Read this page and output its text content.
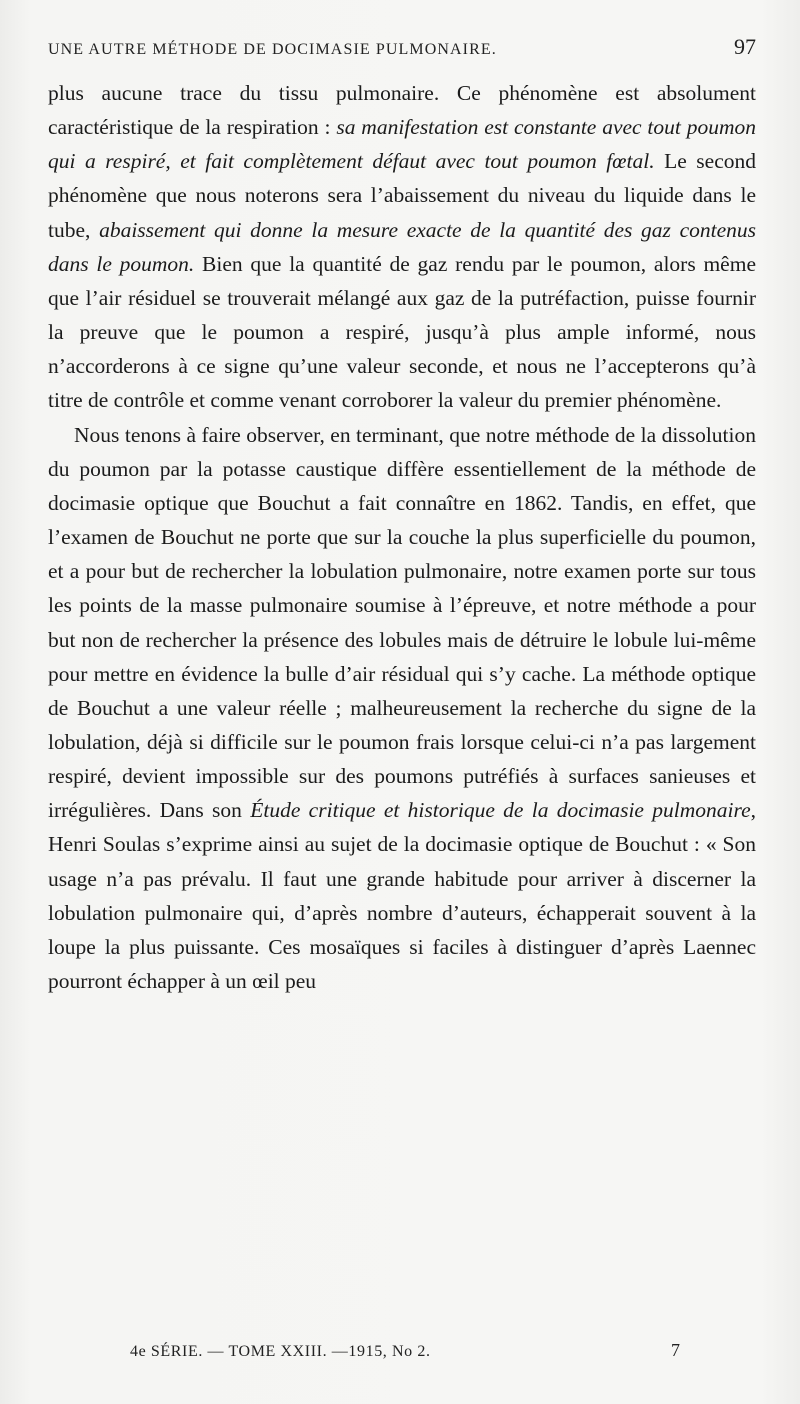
UNE AUTRE MÉTHODE DE DOCIMASIE PULMONAIRE.	97

plus aucune trace du tissu pulmonaire. Ce phénomène est absolument caractéristique de la respiration : sa manifestation est constante avec tout poumon qui a respiré, et fait complètement défaut avec tout poumon fœtal. Le second phénomène que nous noterons sera l’abaissement du niveau du liquide dans le tube, abaissement qui donne la mesure exacte de la quantité des gaz contenus dans le poumon. Bien que la quantité de gaz rendu par le poumon, alors même que l’air résiduel se trouverait mélangé aux gaz de la putréfaction, puisse fournir la preuve que le poumon a respiré, jusqu’à plus ample informé, nous n’accorderons à ce signe qu’une valeur seconde, et nous ne l’accepterons qu’à titre de contrôle et comme venant corroborer la valeur du premier phénomène.

Nous tenons à faire observer, en terminant, que notre méthode de la dissolution du poumon par la potasse caustique diffère essentiellement de la méthode de docimasie optique que Bouchut a fait connaître en 1862. Tandis, en effet, que l’examen de Bouchut ne porte que sur la couche la plus superficielle du poumon, et a pour but de rechercher la lobulation pulmonaire, notre examen porte sur tous les points de la masse pulmonaire soumise à l’épreuve, et notre méthode a pour but non de rechercher la présence des lobules mais de détruire le lobule lui-même pour mettre en évidence la bulle d’air résidual qui s’y cache. La méthode optique de Bouchut a une valeur réelle ; malheureusement la recherche du signe de la lobulation, déjà si difficile sur le poumon frais lorsque celui-ci n’a pas largement respiré, devient impossible sur des poumons putréfiés à surfaces sanieuses et irrégulières. Dans son Étude critique et historique de la docimasie pulmonaire, Henri Soulas s’exprime ainsi au sujet de la docimasie optique de Bouchut : « Son usage n’a pas prévalu. Il faut une grande habitude pour arriver à discerner la lobulation pulmonaire qui, d’après nombre d’auteurs, échapperait souvent à la loupe la plus puissante. Ces mosaïques si faciles à distinguer d’après Laennec pourront échapper à un œil peu

4e SÉRIE. — TOME XXIII. —1915, No 2.	7
